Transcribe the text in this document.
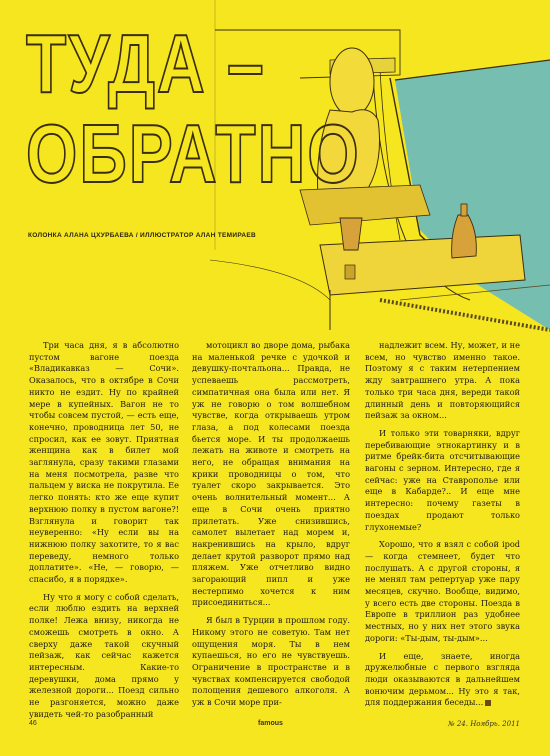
ТУДА –
ОБРАТНО
КОЛОНКА АЛАНА ЦХУРБАЕВА / ИЛЛЮСТРАТОР АЛАН ТЕМИРАЕВ

Три часа дня, я в абсолютно пустом вагоне поезда «Владикавказ — Сочи». Оказалось, что в октябре в Сочи никто не ездит. Ну по крайней мере в купейных. Вагон не то чтобы совсем пустой, — есть еще, конечно, проводница лет 50, не спросил, как ее зовут. Приятная женщина как в билет мой заглянула, сразу такими глазами на меня посмотрела, разве что пальцем у виска не покрутила. Ее легко понять: кто же еще купит верхнюю полку в пустом вагоне?! Взглянула и говорит так неуверенно: «Ну если вы на нижнюю полку захотите, то я вас переведу, немного только доплатите». «Не, — говорю, — спасибо, я в порядке».

Ну что я могу с собой сделать, если люблю ездить на верхней полке! Лежа внизу, никогда не сможешь смотреть в окно. А сверху даже такой скучный пейзаж, как сейчас кажется интересным. Какие-то деревушки, дома прямо у железной дороги... Поезд сильно не разгоняется, можно даже увидеть чей-то разобранный

мотоцикл во дворе дома, рыбака на маленькой речке с удочкой и девушку-почтальона... Правда, не успеваешь рассмотреть, симпатичная она была или нет. Я уж не говорю о том волшебном чувстве, когда открываешь утром глаза, а под колесами поезда бьется море. И ты продолжаешь лежать на животе и смотреть на него, не обращая внимания на крики проводницы о том, что туалет скоро закрывается. Это очень волнительный момент... А еще в Сочи очень приятно прилетать. Уже снизившись, самолет вылетает над морем и, накренившись на крыло, вдруг делает крутой разворот прямо над пляжем. Уже отчетливо видно загорающий пипл и уже нестерпимо хочется к ним присоединиться...

Я был в Турции в прошлом году. Никому этого не советую. Там нет ощущения моря. Ты в нем купаешься, но его не чувствуешь. Ограничение в пространстве и в чувствах компенсируется свободой полощения дешевого алкоголя. А уж в Сочи море при-

надлежит всем. Ну, может, и не всем, но чувство именно такое. Поэтому я с таким нетерпением жду завтрашнего утра. А пока только три часа дня, вереди такой длинный день и повторяющийся пейзаж за окном...

И только эти товарняки, вдруг перебивающие этнокартинку и в ритме брейк-бита отсчитывающие вагоны с зерном. Интересно, где я сейчас: уже на Ставрополье или еще в Кабарде?.. И еще мне интересно: почему газеты в поездах продают только глухонемые?

Хорошо, что я взял с собой ipod — когда стемнеет, будет что послушать. А с другой стороны, я не менял там репертуар уже пару месяцев, скучно. Вообще, видимо, у всего есть две стороны. Поезда в Европе в триллион раз удобнее местных, но у них нет этого звука дороги: «Ты-дым, ты-дым»...

И еще, знаете, иногда дружелюбные с первого взгляда люди оказываются в дальнейшем вонючим дерьмом... Ну это я так, для поддержания беседы...

46	famous	№ 24. Ноябрь. 2011
